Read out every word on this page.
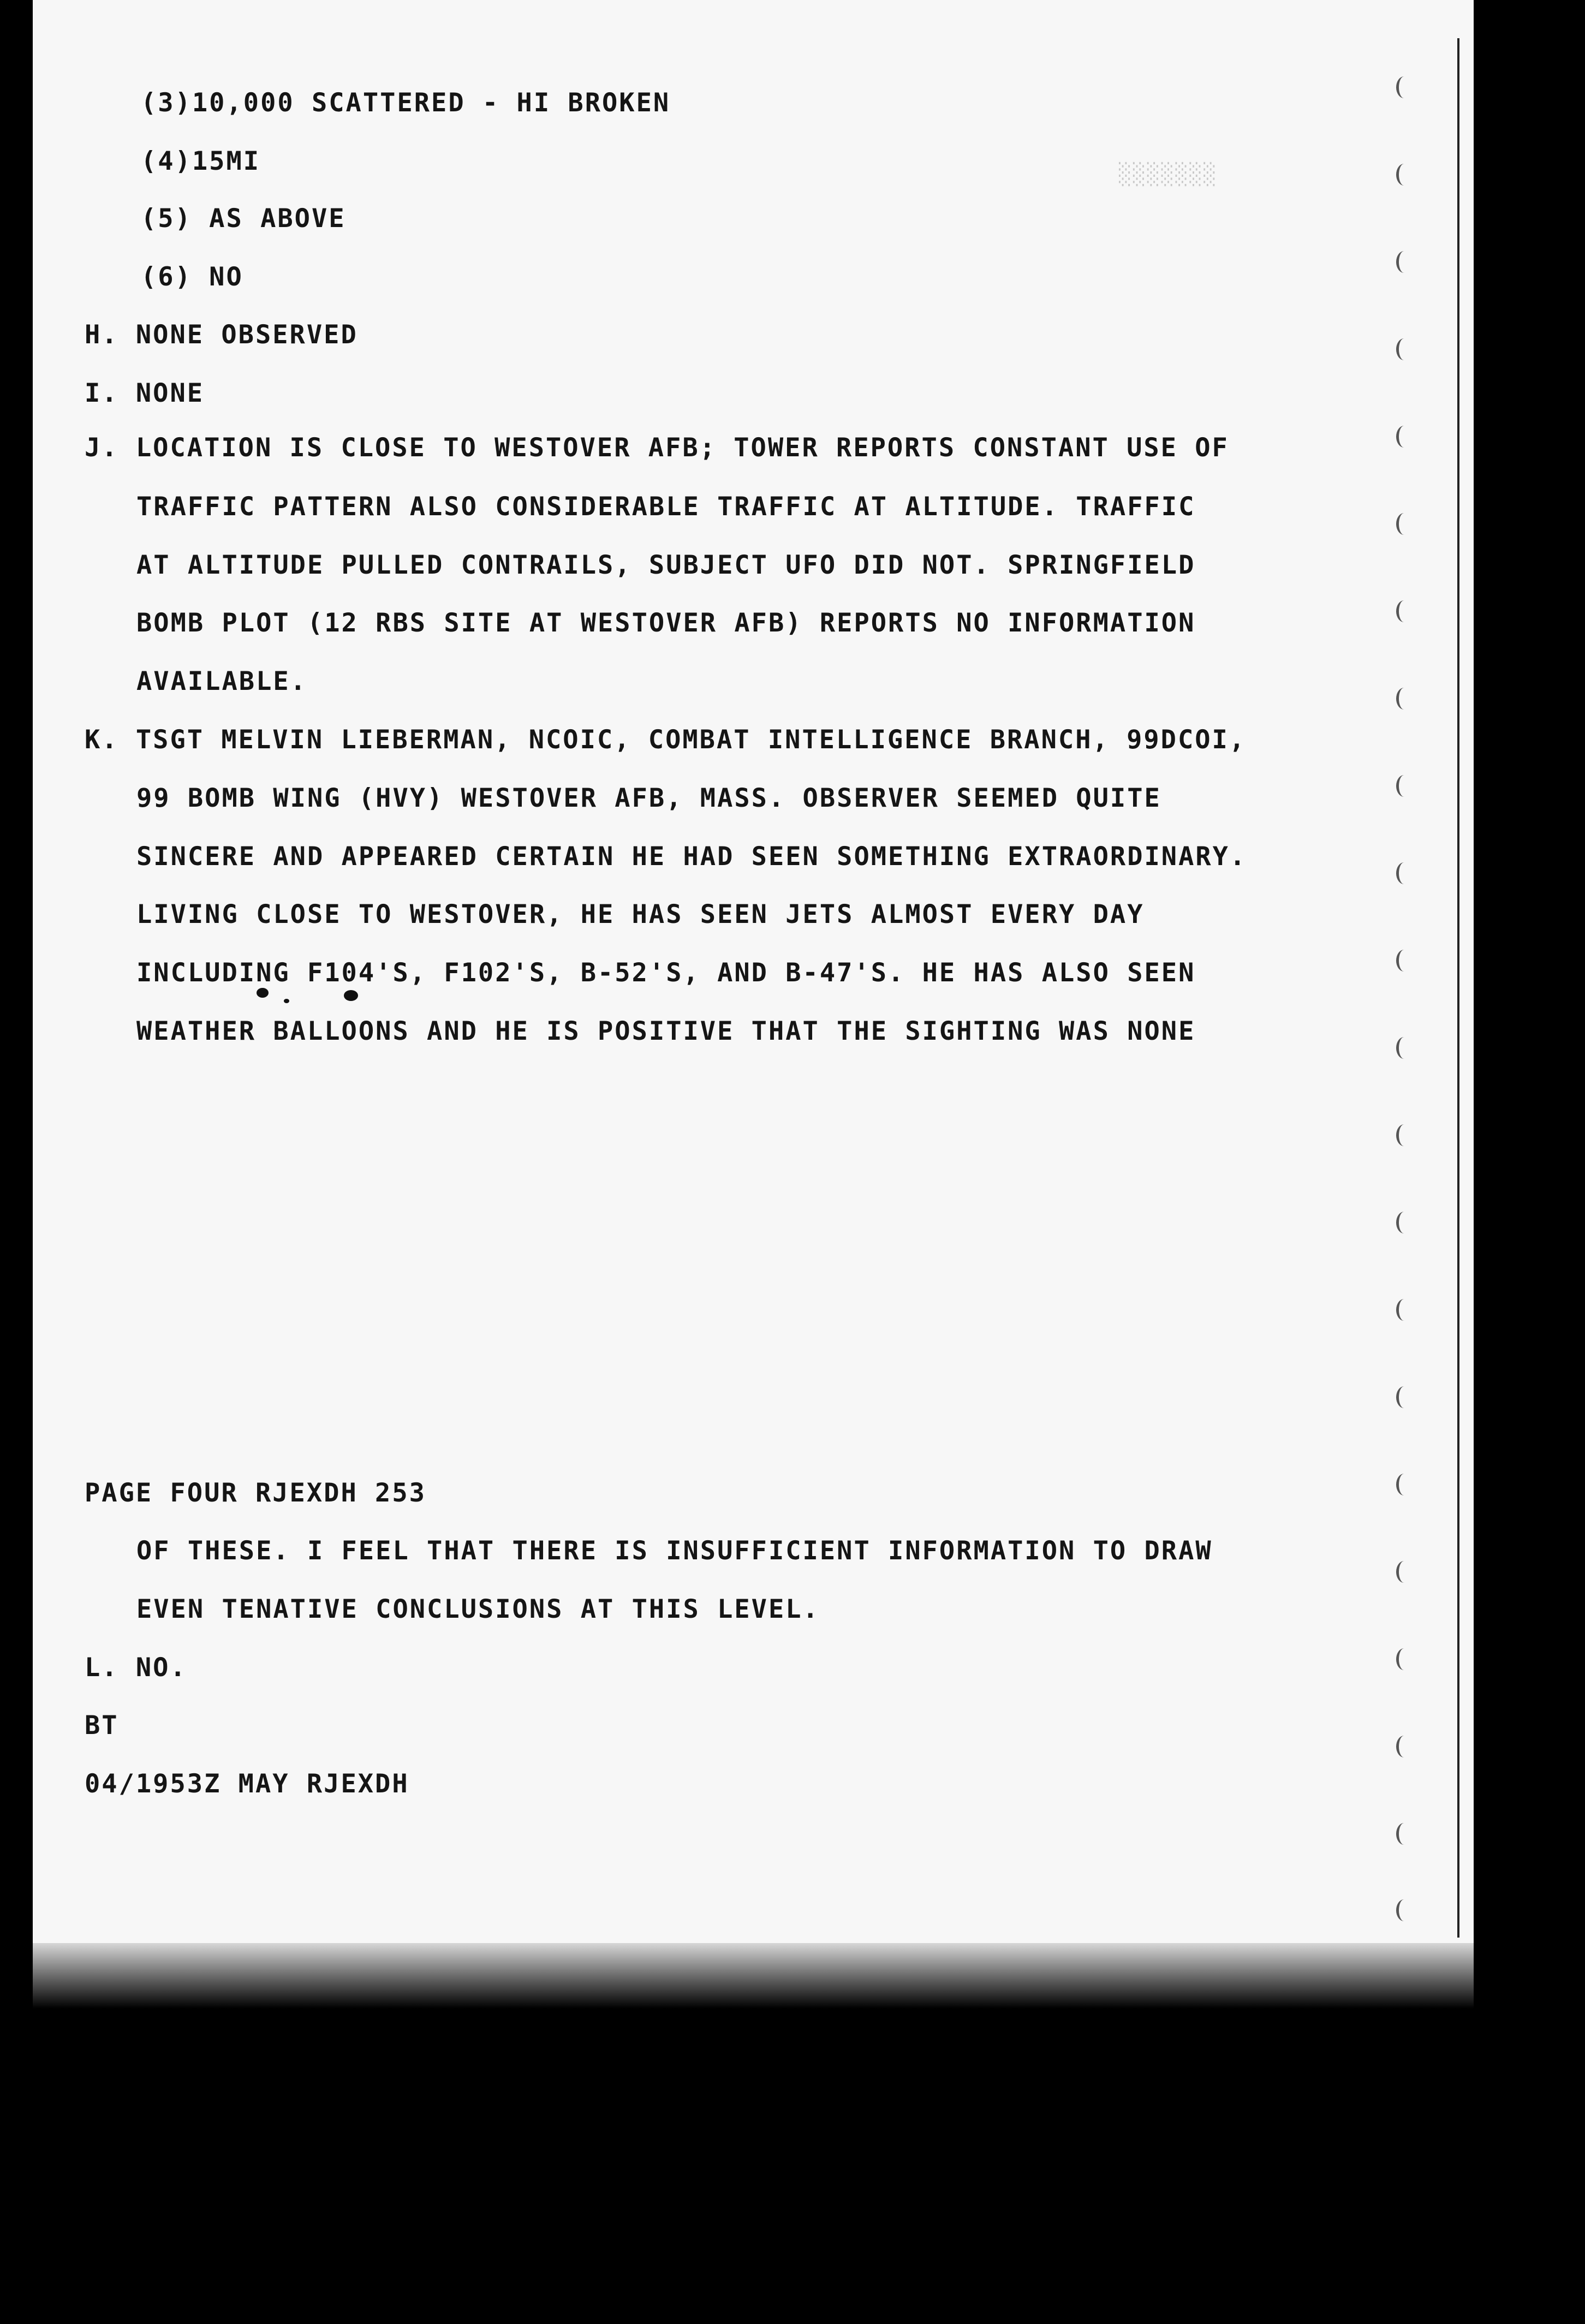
░░░░░░░
(3)10,000 SCATTERED - HI BROKEN
(4)15MI
(5) AS ABOVE
(6) NO
H. NONE OBSERVED
I. NONE
J. LOCATION IS CLOSE TO WESTOVER AFB; TOWER REPORTS CONSTANT USE OF
TRAFFIC PATTERN ALSO CONSIDERABLE TRAFFIC AT ALTITUDE. TRAFFIC
AT ALTITUDE PULLED CONTRAILS, SUBJECT UFO DID NOT. SPRINGFIELD
BOMB PLOT (12 RBS SITE AT WESTOVER AFB) REPORTS NO INFORMATION
AVAILABLE.
K. TSGT MELVIN LIEBERMAN, NCOIC, COMBAT INTELLIGENCE BRANCH, 99DCOI,
99 BOMB WING (HVY) WESTOVER AFB, MASS. OBSERVER SEEMED QUITE
SINCERE AND APPEARED CERTAIN HE HAD SEEN SOMETHING EXTRAORDINARY.
LIVING CLOSE TO WESTOVER, HE HAS SEEN JETS ALMOST EVERY DAY
INCLUDING F104'S, F102'S, B-52'S, AND B-47'S. HE HAS ALSO SEEN
WEATHER BALLOONS AND HE IS POSITIVE THAT THE SIGHTING WAS NONE
PAGE FOUR RJEXDH 253
OF THESE. I FEEL THAT THERE IS INSUFFICIENT INFORMATION TO DRAW
EVEN TENATIVE CONCLUSIONS AT THIS LEVEL.
L. NO.
BT
04/1953Z MAY RJEXDH
